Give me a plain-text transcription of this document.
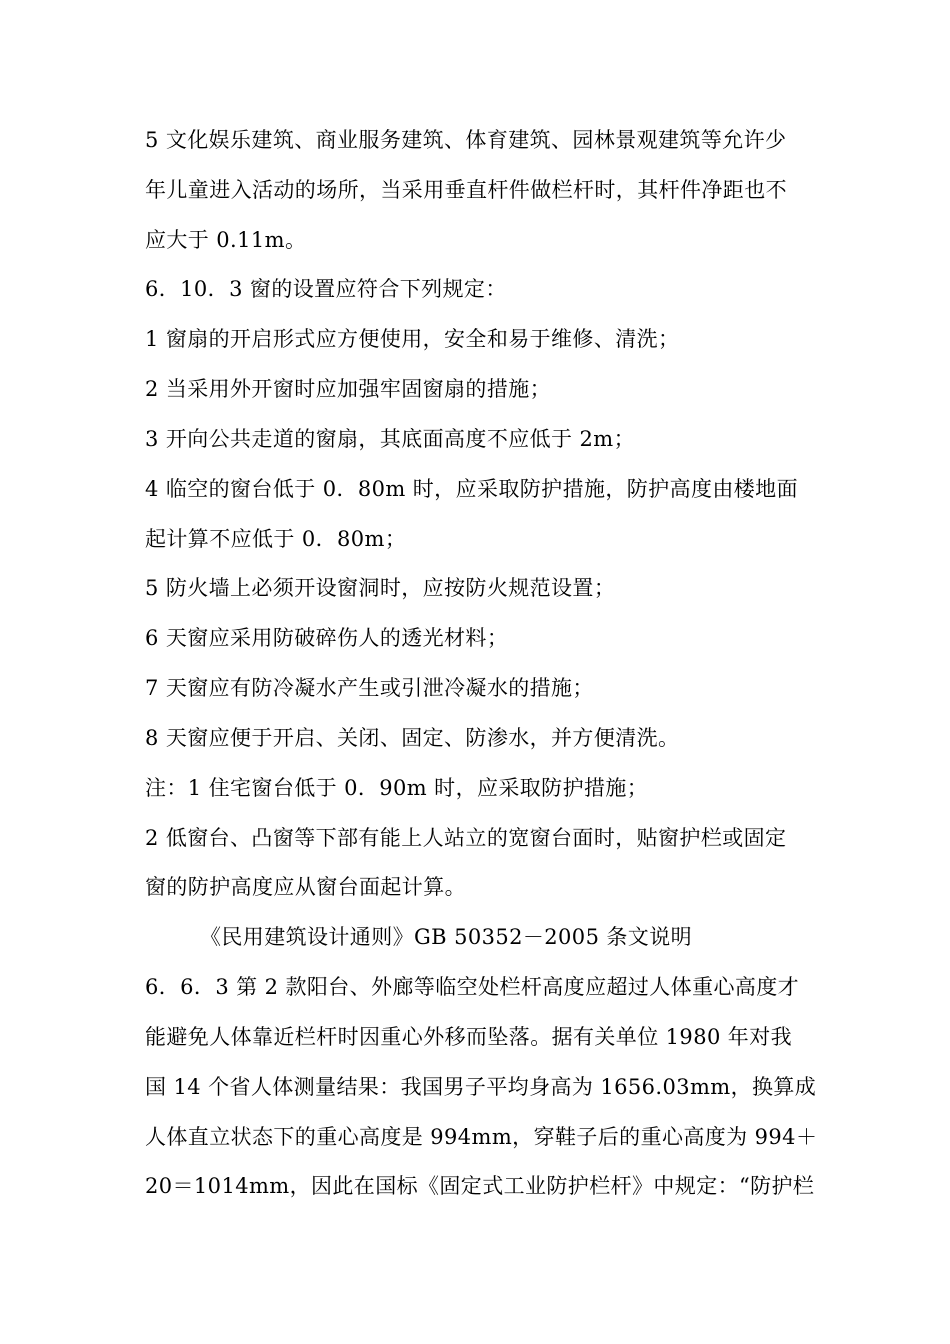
5 文化娱乐建筑、商业服务建筑、体育建筑、园林景观建筑等允许少
年儿童进入活动的场所，当采用垂直杆件做栏杆时，其杆件净距也不
应大于 0.11m。
6．10．3 窗的设置应符合下列规定：
1 窗扇的开启形式应方便使用，安全和易于维修、清洗；
2 当采用外开窗时应加强牢固窗扇的措施；
3 开向公共走道的窗扇，其底面高度不应低于 2m；
4 临空的窗台低于 0．80m 时，应采取防护措施，防护高度由楼地面
起计算不应低于 0．80m；
5 防火墙上必须开设窗洞时，应按防火规范设置；
6 天窗应采用防破碎伤人的透光材料；
7 天窗应有防冷凝水产生或引泄冷凝水的措施；
8 天窗应便于开启、关闭、固定、防渗水，并方便清洗。
注：1 住宅窗台低于 0．90m 时，应采取防护措施；
2 低窗台、凸窗等下部有能上人站立的宽窗台面时，贴窗护栏或固定
窗的防护高度应从窗台面起计算。
《民用建筑设计通则》GB 50352－2005 条文说明
6．6．3 第 2 款阳台、外廊等临空处栏杆高度应超过人体重心高度才
能避免人体靠近栏杆时因重心外移而坠落。据有关单位 1980 年对我
国 14 个省人体测量结果：我国男子平均身高为 1656.03mm，换算成
人体直立状态下的重心高度是 994mm，穿鞋子后的重心高度为 994＋
20＝1014mm，因此在国标《固定式工业防护栏杆》中规定：“防护栏
